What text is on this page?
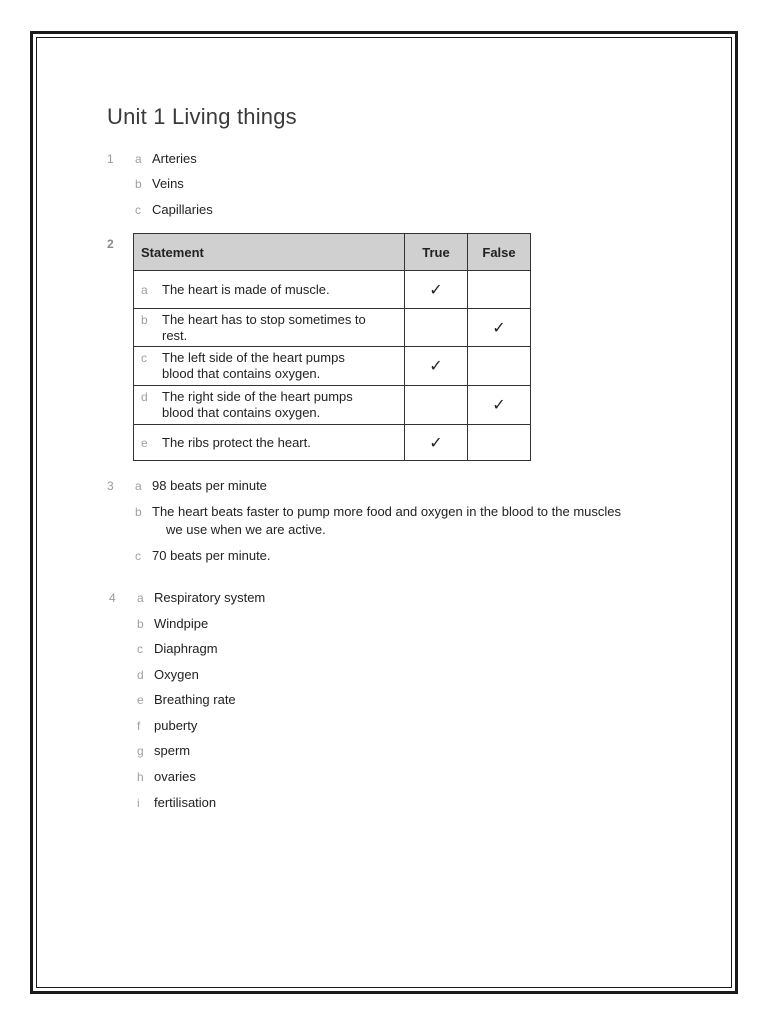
Unit 1 Living things
1 a Arteries
b Veins
c Capillaries
2
Statement	True	False

a The heart is made of muscle.	✓	

b The heart has to stop sometimes to rest.		✓

c The left side of the heart pumps blood that contains oxygen.	✓	

d The right side of the heart pumps blood that contains oxygen.		✓

e The ribs protect the heart.	✓	
3 a 98 beats per minute
b The heart beats faster to pump more food and oxygen in the blood to the muscles
we use when we are active.
c 70 beats per minute.
4 a Respiratory system
b Windpipe
c Diaphragm
d Oxygen
e Breathing rate
f puberty
g sperm
h ovaries
i fertilisation
